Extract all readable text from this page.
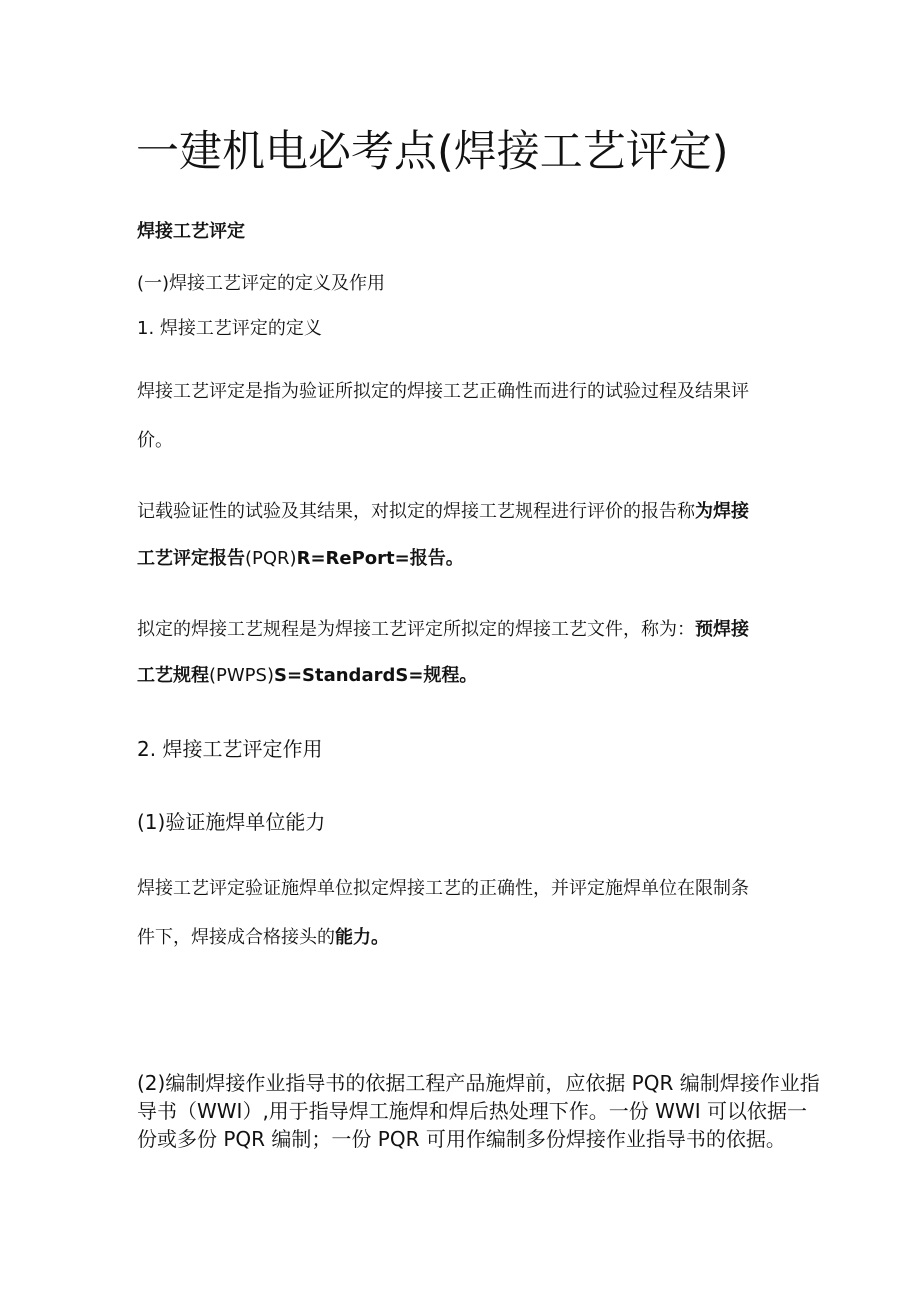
一建机电必考点(焊接工艺评定)
焊接工艺评定
(一)焊接工艺评定的定义及作用
1. 焊接工艺评定的定义
焊接工艺评定是指为验证所拟定的焊接工艺正确性而进行的试验过程及结果评
价。
记载验证性的试验及其结果，对拟定的焊接工艺规程进行评价的报告称为焊接
工艺评定报告(PQR)R=RePort=报告。
拟定的焊接工艺规程是为焊接工艺评定所拟定的焊接工艺文件，称为：预焊接
工艺规程(PWPS)S=StandardS=规程。
2. 焊接工艺评定作用
(1)验证施焊单位能力
焊接工艺评定验证施焊单位拟定焊接工艺的正确性，并评定施焊单位在限制条
件下，焊接成合格接头的能力。
(2)编制焊接作业指导书的依据工程产品施焊前，应依据 PQR 编制焊接作业指
导书（WWI）,用于指导焊工施焊和焊后热处理下作。一份 WWI 可以依据一
份或多份 PQR 编制；一份 PQR 可用作编制多份焊接作业指导书的依据。
